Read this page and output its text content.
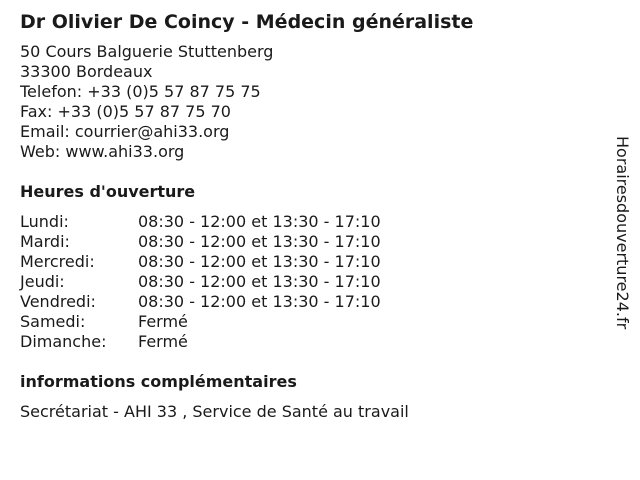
Dr Olivier De Coincy - Médecin généraliste
50 Cours Balguerie Stuttenberg
33300 Bordeaux
Telefon: +33 (0)5 57 87 75 75
Fax: +33 (0)5 57 87 75 70
Email: courrier@ahi33.org
Web: www.ahi33.org
Heures d'ouverture
Lundi:	08:30 - 12:00 et 13:30 - 17:10
Mardi:	08:30 - 12:00 et 13:30 - 17:10
Mercredi:	08:30 - 12:00 et 13:30 - 17:10
Jeudi:	08:30 - 12:00 et 13:30 - 17:10
Vendredi:	08:30 - 12:00 et 13:30 - 17:10
Samedi:	Fermé
Dimanche:	Fermé
informations complémentaires
Secrétariat - AHI 33 , Service de Santé au travail
Horairesdouverture24.fr
